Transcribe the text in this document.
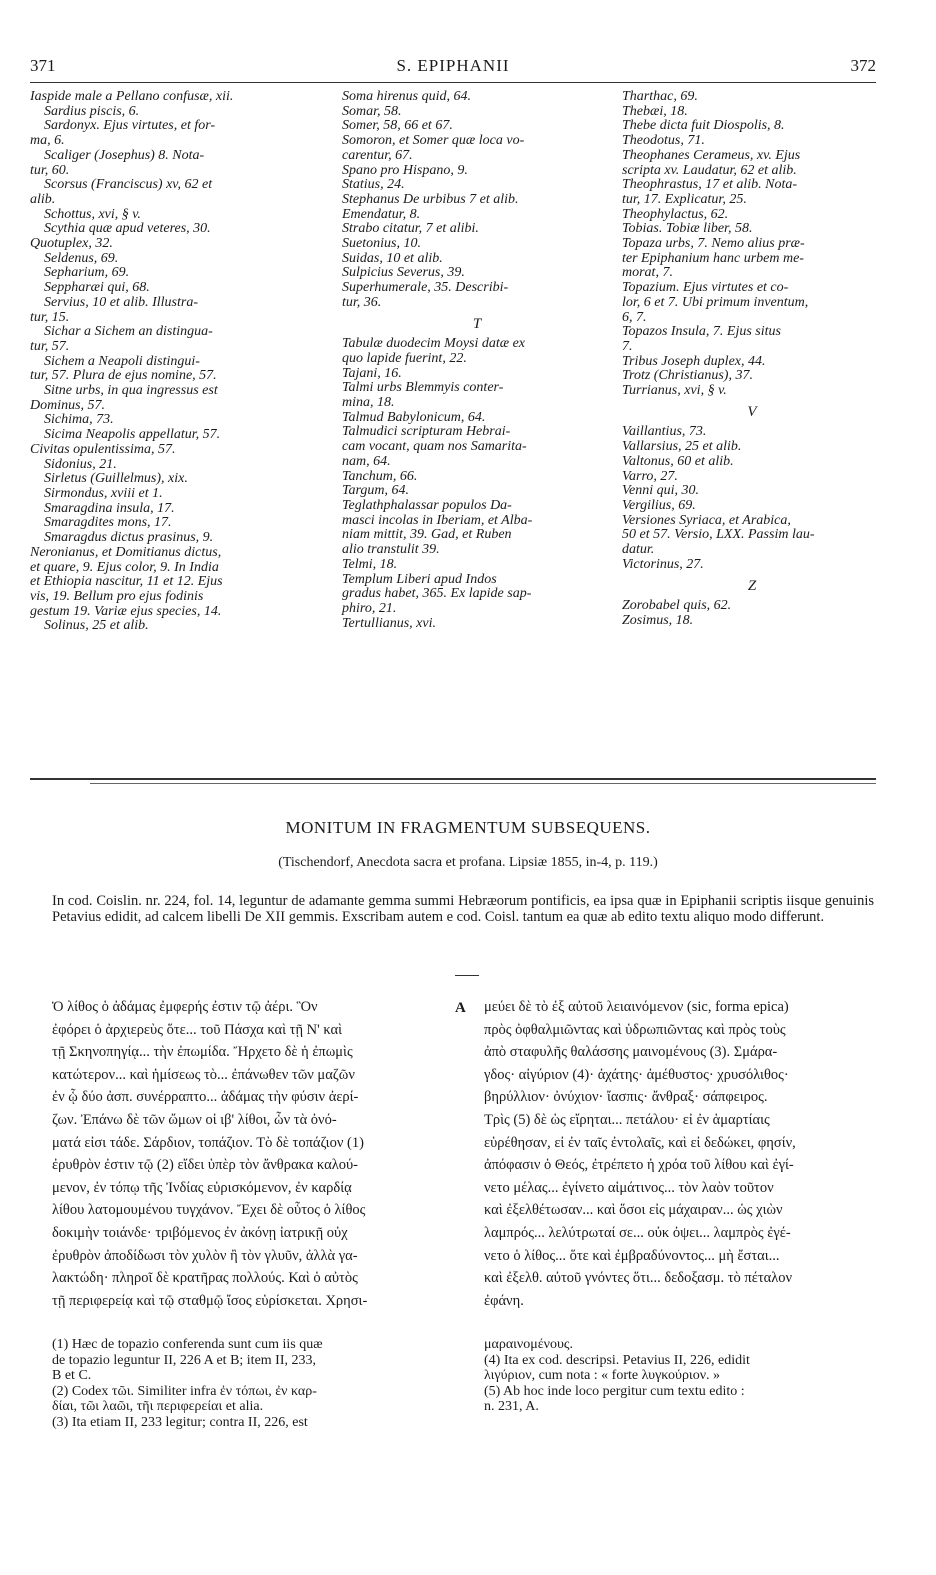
371	S. EPIPHANII	372
Iaspide male a Pellano confusæ, xii.
Sardius piscis, 6.
Sardonyx. Ejus virtutes, et for-
ma, 6.
Scaliger (Josephus) 8. Nota-
tur, 60.
Scorsus (Franciscus) xv, 62 et
alib.
Schottus, xvi, § v.
Scythia quæ apud veteres, 30.
Quotuplex, 32.
Seldenus, 69.
Sepharium, 69.
Seppharæi qui, 68.
Servius, 10 et alib. Illustra-
tur, 15.
Sichar a Sichem an distingua-
tur, 57.
Sichem a Neapoli distingui-
tur, 57. Plura de ejus nomine, 57.
Sitne urbs, in qua ingressus est
Dominus, 57.
Sichima, 73.
Sicima Neapolis appellatur, 57.
Civitas opulentissima, 57.
Sidonius, 21.
Sirletus (Guillelmus), xix.
Sirmondus, xviii et 1.
Smaragdina insula, 17.
Smaragdites mons, 17.
Smaragdus dictus prasinus, 9.
Neronianus, et Domitianus dictus,
et quare, 9. Ejus color, 9. In India
et Ethiopia nascitur, 11 et 12. Ejus
vis, 19. Bellum pro ejus fodinis
gestum 19. Variæ ejus species, 14.
Solinus, 25 et alib.
Soma hirenus quid, 64.
Somar, 58.
Somer, 58, 66 et 67.
Somoron, et Somer quæ loca vo-
carentur, 67.
Spano pro Hispano, 9.
Statius, 24.
Stephanus De urbibus 7 et alib.
Emendatur, 8.
Strabo citatur, 7 et alibi.
Suetonius, 10.
Suidas, 10 et alib.
Sulpicius Severus, 39.
Superhumerale, 35. Describi-
tur, 36.
T
Tabulæ duodecim Moysi datæ ex
quo lapide fuerint, 22.
Tajani, 16.
Talmi urbs Blemmyis conter-
mina, 18.
Talmud Babylonicum, 64.
Talmudici scripturam Hebrai-
cam vocant, quam nos Samarita-
nam, 64.
Tanchum, 66.
Targum, 64.
Teglathphalassar populos Da-
masci incolas in Iberiam, et Alba-
niam mittit, 39. Gad, et Ruben
alio transtulit 39.
Telmi, 18.
Templum Liberi apud Indos
gradus habet, 365. Ex lapide sap-
phiro, 21.
Tertullianus, xvi.
Tharthac, 69.
Thebæi, 18.
Thebe dicta fuit Diospolis, 8.
Theodotus, 71.
Theophanes Cerameus, xv. Ejus
scripta xv. Laudatur, 62 et alib.
Theophrastus, 17 et alib. Nota-
tur, 17. Explicatur, 25.
Theophylactus, 62.
Tobias. Tobiæ liber, 58.
Topaza urbs, 7. Nemo alius præ-
ter Epiphanium hanc urbem me-
morat, 7.
Topazium. Ejus virtutes et co-
lor, 6 et 7. Ubi primum inventum,
6, 7.
Topazos Insula, 7. Ejus situs
7.
Tribus Joseph duplex, 44.
Trotz (Christianus), 37.
Turrianus, xvi, § v.
V
Vaillantius, 73.
Vallarsius, 25 et alib.
Valtonus, 60 et alib.
Varro, 27.
Venni qui, 30.
Vergilius, 69.
Versiones Syriaca, et Arabica,
50 et 57. Versio, LXX. Passim lau-
datur.
Victorinus, 27.
Z
Zorobabel quis, 62.
Zosimus, 18.
MONITUM IN FRAGMENTUM SUBSEQUENS.
(Tischendorf, Anecdota sacra et profana. Lipsiæ 1855, in-4, p. 119.)
In cod. Coislin. nr. 224, fol. 14, leguntur de adamante gemma summi Hebræorum pontificis, ea ipsa quæ in Epiphanii scriptis iisque genuinis Petavius edidit, ad calcem libelli De XII gemmis. Exscribam autem e cod. Coisl. tantum ea quæ ab edito textu aliquo modo differunt.
Ὁ λίθος ὁ ἀδάμας ἐμφερής ἐστιν τῷ ἀέρι. Ὃν
ἐφόρει ὁ ἀρχιερεὺς ὅτε... τοῦ Πάσχα καὶ τῇ Ν' καὶ
τῇ Σκηνοπηγίᾳ... τὴν ἐπωμίδα. Ἤρχετο δὲ ἡ ἐπωμὶς
κατώτερον... καὶ ἡμίσεως τὸ... ἐπάνωθεν τῶν μαζῶν
ἐν ᾧ δύο ἀσπ. συνέρραπτο... ἀδάμας τὴν φύσιν ἀερί-
ζων. Ἐπάνω δὲ τῶν ὤμων οἱ ιβ' λίθοι, ὧν τὰ ὀνό-
ματά εἰσι τάδε. Σάρδιον, τοπάζιον. Τὸ δὲ τοπάζιον (1)
ἐρυθρὸν ἐστιν τῷ (2) εἴδει ὑπὲρ τὸν ἄνθρακα καλού-
μενον, ἐν τόπῳ τῆς Ἰνδίας εὑρισκόμενον, ἐν καρδίᾳ
λίθου λατομουμένου τυγχάνον. Ἔχει δὲ οὗτος ὁ λίθος
δοκιμὴν τοιάνδε· τριβόμενος ἐν ἀκόνῃ ἰατρικῇ οὐχ
ἐρυθρὸν ἀποδίδωσι τὸν χυλὸν ἢ τὸν γλυῦν, ἀλλὰ γα-
λακτώδη· πληροῖ δὲ κρατῆρας πολλούς. Καὶ ὁ αὐτὸς
τῇ περιφερείᾳ καὶ τῷ σταθμῷ ἴσος εὑρίσκεται. Χρησι-
A μεύει δὲ τὸ ἐξ αὐτοῦ λειαινόμενον (sic, forma epica)
πρὸς ὀφθαλμιῶντας καὶ ὑδρωπιῶντας καὶ πρὸς τοὺς
ἀπὸ σταφυλῆς θαλάσσης μαινομένους (3). Σμάρα-
γδος· αἰγύριον (4)· ἀχάτης· ἀμέθυστος· χρυσόλιθος·
βηρύλλιον· ὀνύχιον· ἴασπις· ἄνθραξ· σάπφειρος.
Τρὶς (5) δὲ ὡς εἴρηται... πετάλου· εἰ ἐν ἁμαρτίαις
εὑρέθησαν, εἰ ἐν ταῖς ἐντολαῖς, καὶ εἰ δεδώκει, φησίν,
ἀπόφασιν ὁ Θεός, ἐτρέπετο ἡ χρόα τοῦ λίθου καὶ ἐγί-
νετο μέλας... ἐγίνετο αἱμάτινος... τὸν λαὸν τοῦτον
καὶ ἐξελθέτωσαν... καὶ ὅσοι εἰς μάχαιραν... ὡς χιὼν
λαμπρός... λελύτρωταί σε... οὐκ ὀψει... λαμπρὸς ἐγέ-
νετο ὁ λίθος... ὅτε καὶ ἐμβραδύνοντος... μὴ ἔσται...
καὶ ἐξελθ. αὐτοῦ γνόντες ὅτι... δεδοξασμ. τὸ πέταλον
ἐφάνη.
(1) Hæc de topazio conferenda sunt cum iis quæ
de topazio leguntur II, 226 A et B; item II, 233,
B et C.
(2) Codex τῶι. Similiter infra ἐν τόπωι, ἐν καρ-
δίαι, τῶι λαῶι, τῆι περιφερείαι et alia.
(3) Ita etiam II, 233 legitur; contra II, 226, est
μαραινομένους.
(4) Ita ex cod. descripsi. Petavius II, 226, edidit
λιγύριον, cum nota : « forte λυγκούριον. »
(5) Ab hoc inde loco pergitur cum textu edito :
n. 231, A.
